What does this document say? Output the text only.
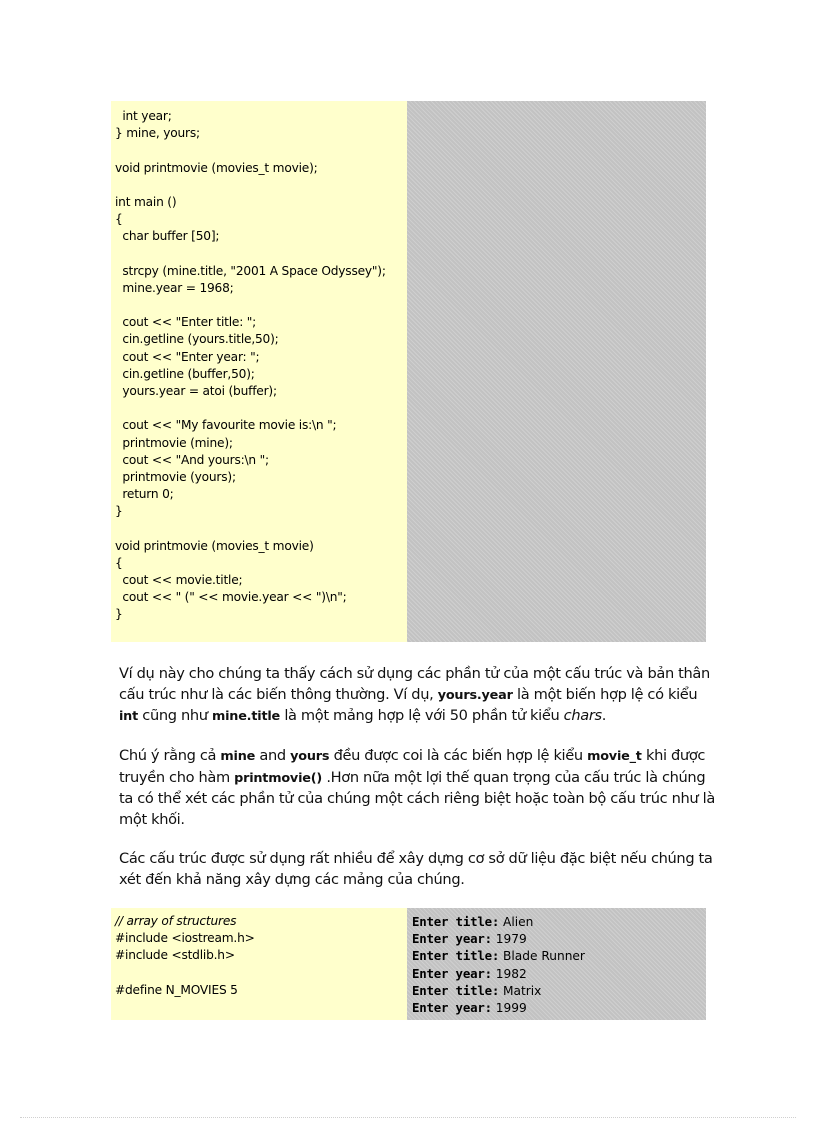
int year;
} mine, yours;
void printmovie (movies_t movie);
int main ()
{
char buffer [50];
strcpy (mine.title, "2001 A Space Odyssey");
mine.year = 1968;
cout << "Enter title: ";
cin.getline (yours.title,50);
cout << "Enter year: ";
cin.getline (buffer,50);
yours.year = atoi (buffer);
cout << "My favourite movie is:\n ";
printmovie (mine);
cout << "And yours:\n ";
printmovie (yours);
return 0;
}
void printmovie (movies_t movie)
{
cout << movie.title;
cout << " (" << movie.year << ")\n";
}
Ví dụ này cho chúng ta thấy cách sử dụng các phần tử của một cấu trúc và bản thân cấu trúc như là các biến thông thường. Ví dụ, yours.year là một biến hợp lệ có kiểu int cũng như mine.title là một mảng hợp lệ với 50 phần tử kiểu chars.
Chú ý rằng cả mine and yours đều được coi là các biến hợp lệ kiểu movie_t khi được truyền cho hàm printmovie() .Hơn nữa một lợi thế quan trọng của cấu trúc là chúng ta có thể xét các phần tử của chúng một cách riêng biệt hoặc toàn bộ cấu trúc như là một khối.
Các cấu trúc được sử dụng rất nhiều để xây dựng cơ sở dữ liệu đặc biệt nếu chúng ta xét đến khả năng xây dựng các mảng của chúng.
// array of structures
#include <iostream.h>
#include <stdlib.h>
#define N_MOVIES 5
Enter title: Alien
Enter year: 1979
Enter title: Blade Runner
Enter year: 1982
Enter title: Matrix
Enter year: 1999
